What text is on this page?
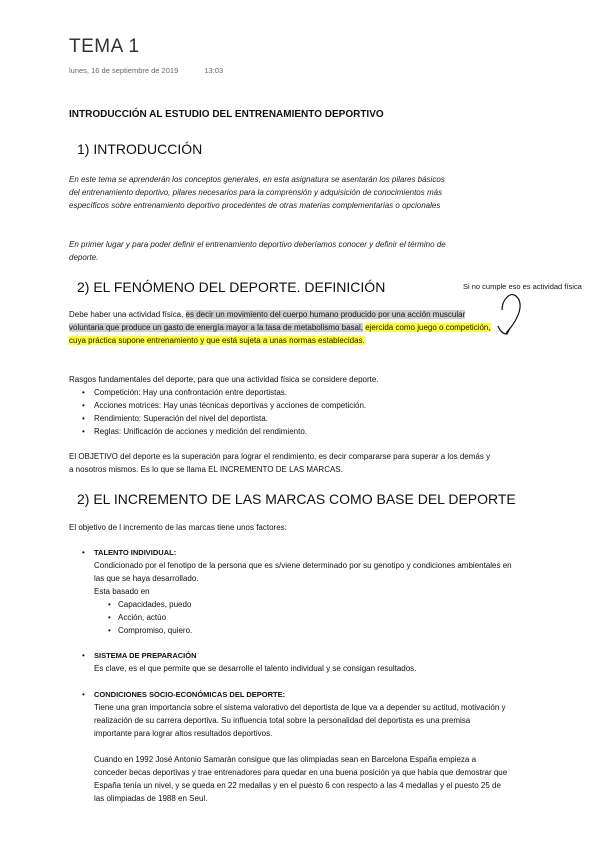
TEMA 1
lunes, 16 de septiembre de 2019	13:03
INTRODUCCIÓN AL ESTUDIO DEL ENTRENAMIENTO DEPORTIVO
1) INTRODUCCIÓN
En este tema se aprenderán los conceptos generales, en esta asignatura se asentarán los pilares básicos del entrenamiento deportivo, pilares necesarios para la comprensión y adquisición de conocimientos más específicos sobre entrenamiento deportivo procedentes de otras materias complementarias o opcionales
En primer lugar y para poder definir el entrenamiento deportivo deberíamos conocer y definir el término de deporte.
2) EL FENÓMENO DEL DEPORTE. DEFINICIÓN
Debe haber una actividad física, es decir un movimiento del cuerpo humano producido por una acción muscular voluntaria que produce un gasto de energía mayor a la tasa de metabolismo basal, ejercida como juego o competición, cuya práctica supone entrenamiento y que está sujeta a unas normas establecidas.
Si no cumple eso es actividad física
Rasgos fundamentales del deporte, para que una actividad física se considere deporte.
• Competición: Hay una confrontación entre deportistas.
• Acciones motrices: Hay unas técnicas deportivas y acciones de competición.
• Rendimiento: Superación del nivel del deportista.
• Reglas: Unificación de acciones y medición del rendimiento.
El OBJETIVO del deporte es la superación para lograr el rendimiento, es decir compararse para superar a los demás y a nosotros mismos. Es lo que se llama EL INCREMENTO DE LAS MARCAS.
2) EL INCREMENTO DE LAS MARCAS COMO BASE DEL DEPORTE
El objetivo de l incremento de las marcas tiene unos factores:
• TALENTO INDIVIDUAL:
Condicionado por el fenotipo de la persona que es s/viene determinado por su genotipo y condiciones ambientales en las que se haya desarrollado.
Esta basado en
• Capacidades, puedo
• Acción, actúo
• Compromiso, quiero.
• SISTEMA DE PREPARACIÓN
Es clave, es el que permite que se desarrolle el talento individual y se consigan resultados.
• CONDICIONES SOCIO-ECONÓMICAS DEL DEPORTE:
Tiene una gran importancia sobre el sistema valorativo del deportista de lque va a depender su actitud, motivación y realización de su carrera deportiva. Su influencia total sobre la personalidad del deportista es una premisa importante para lograr altos resultados deportivos.
Cuando en 1992 José Antonio Samarán consigue que las olimpiadas sean en Barcelona España empieza a conceder becas deportivas y trae entrenadores para quedar en una buena posición ya que había que demostrar que España tenía un nivel, y se queda en 22 medallas y en el puesto 6 con respecto a las 4 medallas y el puesto 25 de las olimpiadas de 1988 en Seul.
